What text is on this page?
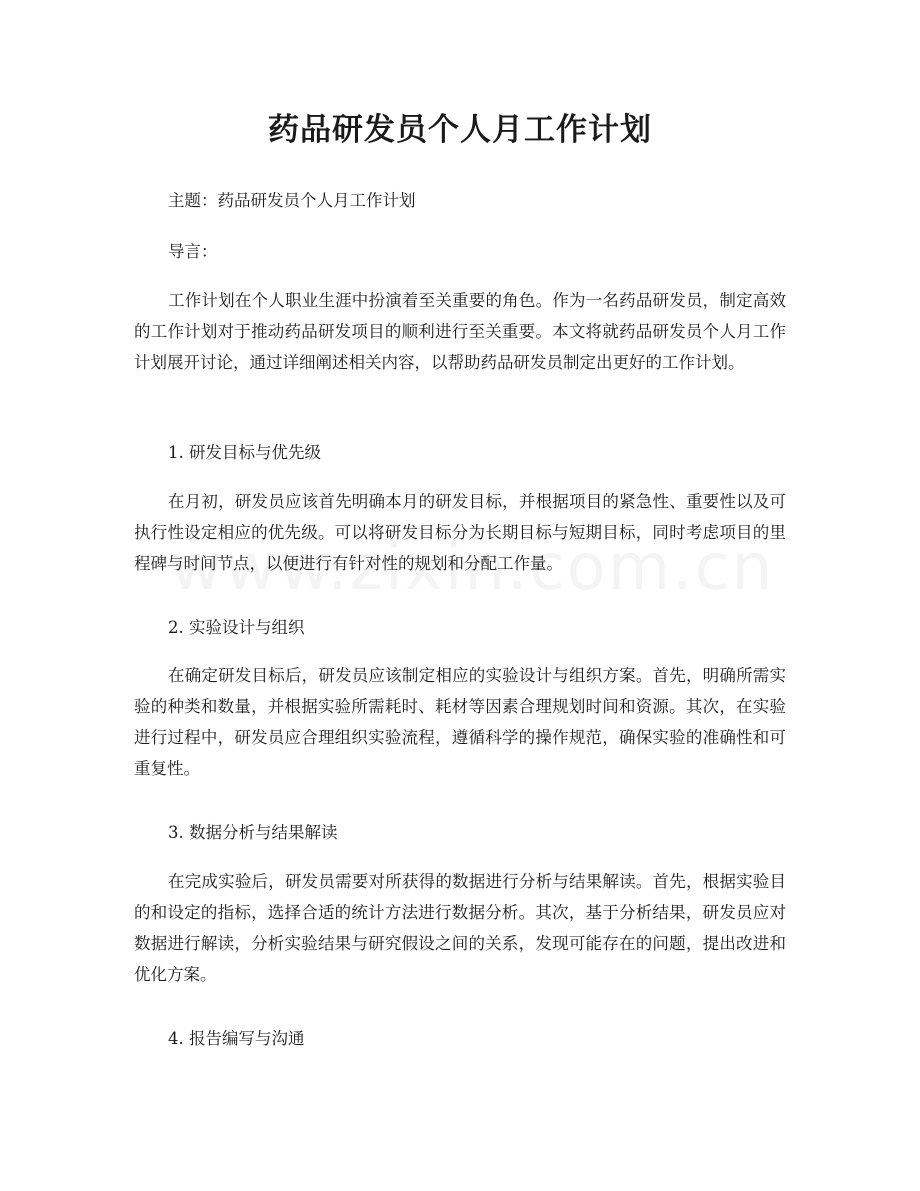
药品研发员个人月工作计划

主题：药品研发员个人月工作计划

导言：

工作计划在个人职业生涯中扮演着至关重要的角色。作为一名药品研发员，制定高效的工作计划对于推动药品研发项目的顺利进行至关重要。本文将就药品研发员个人月工作计划展开讨论，通过详细阐述相关内容，以帮助药品研发员制定出更好的工作计划。

1. 研发目标与优先级

在月初，研发员应该首先明确本月的研发目标，并根据项目的紧急性、重要性以及可执行性设定相应的优先级。可以将研发目标分为长期目标与短期目标，同时考虑项目的里程碑与时间节点，以便进行有针对性的规划和分配工作量。

2. 实验设计与组织

在确定研发目标后，研发员应该制定相应的实验设计与组织方案。首先，明确所需实验的种类和数量，并根据实验所需耗时、耗材等因素合理规划时间和资源。其次，在实验进行过程中，研发员应合理组织实验流程，遵循科学的操作规范，确保实验的准确性和可重复性。

3. 数据分析与结果解读

在完成实验后，研发员需要对所获得的数据进行分析与结果解读。首先，根据实验目的和设定的指标，选择合适的统计方法进行数据分析。其次，基于分析结果，研发员应对数据进行解读，分析实验结果与研究假设之间的关系，发现可能存在的问题，提出改进和优化方案。

4. 报告编写与沟通
